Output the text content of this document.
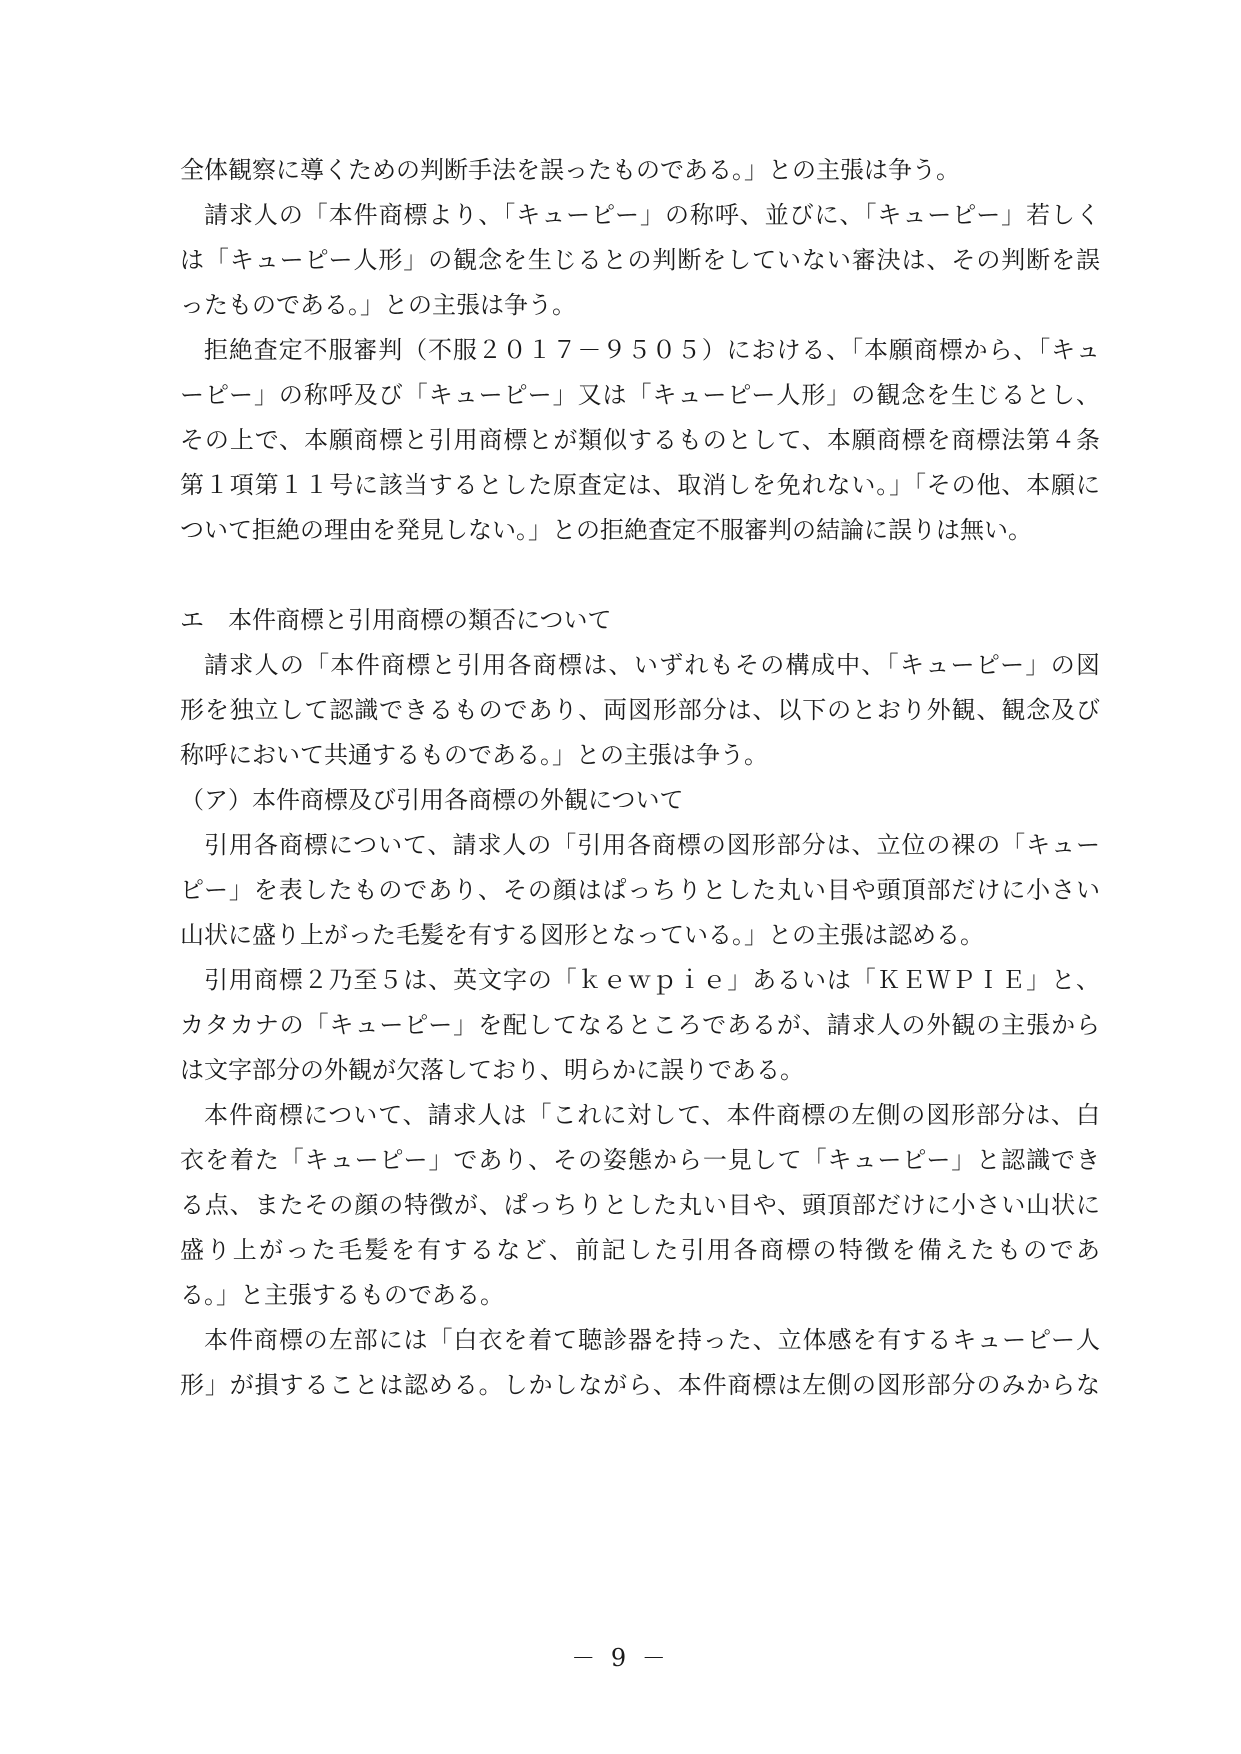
全体観察に導くための判断手法を誤ったものである。」との主張は争う。
請求人の「本件商標より、「キューピー」の称呼、並びに、「キューピー」若しく
は「キューピー人形」の観念を生じるとの判断をしていない審決は、その判断を誤
ったものである。」との主張は争う。
拒絶査定不服審判（不服２０１７－９５０５）における、「本願商標から、「キュ
ーピー」の称呼及び「キューピー」又は「キューピー人形」の観念を生じるとし、
その上で、本願商標と引用商標とが類似するものとして、本願商標を商標法第４条
第１項第１１号に該当するとした原査定は、取消しを免れない。」「その他、本願に
ついて拒絶の理由を発見しない。」との拒絶査定不服審判の結論に誤りは無い。
エ　本件商標と引用商標の類否について
請求人の「本件商標と引用各商標は、いずれもその構成中、「キューピー」の図
形を独立して認識できるものであり、両図形部分は、以下のとおり外観、観念及び
称呼において共通するものである。」との主張は争う。
（ア）本件商標及び引用各商標の外観について
引用各商標について、請求人の「引用各商標の図形部分は、立位の裸の「キュー
ピー」を表したものであり、その顔はぱっちりとした丸い目や頭頂部だけに小さい
山状に盛り上がった毛髪を有する図形となっている。」との主張は認める。
引用商標２乃至５は、英文字の「ｋｅｗｐｉｅ」あるいは「ＫＥＷＰＩＥ」と、
カタカナの「キューピー」を配してなるところであるが、請求人の外観の主張から
は文字部分の外観が欠落しており、明らかに誤りである。
本件商標について、請求人は「これに対して、本件商標の左側の図形部分は、白
衣を着た「キューピー」であり、その姿態から一見して「キューピー」と認識でき
る点、またその顔の特徴が、ぱっちりとした丸い目や、頭頂部だけに小さい山状に
盛り上がった毛髪を有するなど、前記した引用各商標の特徴を備えたものであ
る。」と主張するものである。
本件商標の左部には「白衣を着て聴診器を持った、立体感を有するキューピー人
形」が損することは認める。しかしながら、本件商標は左側の図形部分のみからな
－ 9 －
